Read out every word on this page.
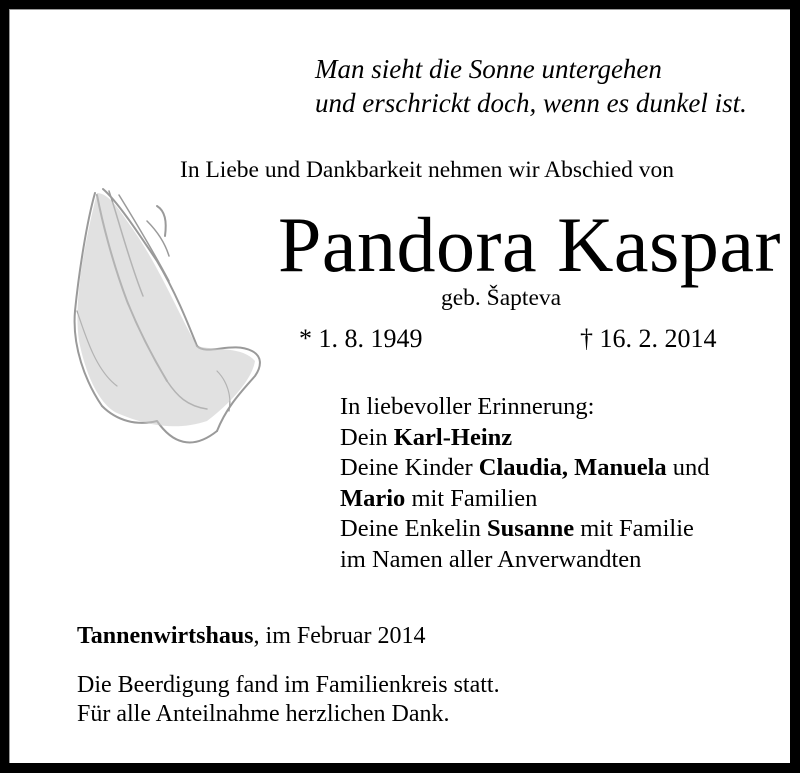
Man sieht die Sonne untergehen
und erschrickt doch, wenn es dunkel ist.
In Liebe und Dankbarkeit nehmen wir Abschied von
Pandora Kaspar
geb. Šapteva
* 1. 8. 1949	† 16. 2. 2014
In liebevoller Erinnerung:
Dein Karl-Heinz
Deine Kinder Claudia, Manuela und
Mario mit Familien
Deine Enkelin Susanne mit Familie
im Namen aller Anverwandten
Tannenwirtshaus, im Februar 2014
Die Beerdigung fand im Familienkreis statt.
Für alle Anteilnahme herzlichen Dank.
